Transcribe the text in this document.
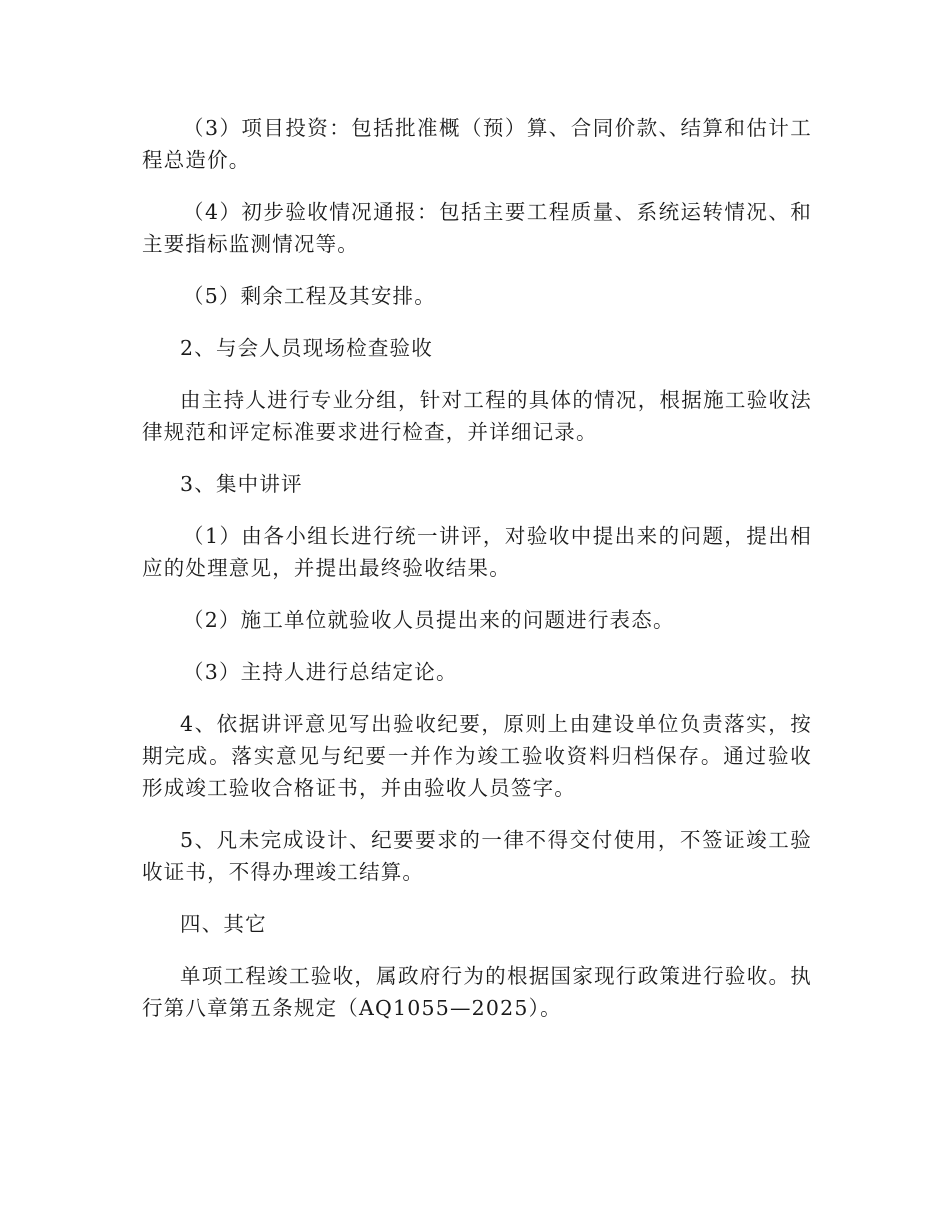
（3）项目投资：包括批准概（预）算、合同价款、结算和估计工程总造价。

（4）初步验收情况通报：包括主要工程质量、系统运转情况、和主要指标监测情况等。

（5）剩余工程及其安排。

2、与会人员现场检查验收

由主持人进行专业分组，针对工程的具体的情况，根据施工验收法律规范和评定标准要求进行检查，并详细记录。

3、集中讲评

（1）由各小组长进行统一讲评，对验收中提出来的问题，提出相应的处理意见，并提出最终验收结果。

（2）施工单位就验收人员提出来的问题进行表态。

（3）主持人进行总结定论。

4、依据讲评意见写出验收纪要，原则上由建设单位负责落实，按期完成。落实意见与纪要一并作为竣工验收资料归档保存。通过验收形成竣工验收合格证书，并由验收人员签字。

5、凡未完成设计、纪要要求的一律不得交付使用，不签证竣工验收证书，不得办理竣工结算。

四、其它

单项工程竣工验收，属政府行为的根据国家现行政策进行验收。执行第八章第五条规定（AQ1055—2025）。
